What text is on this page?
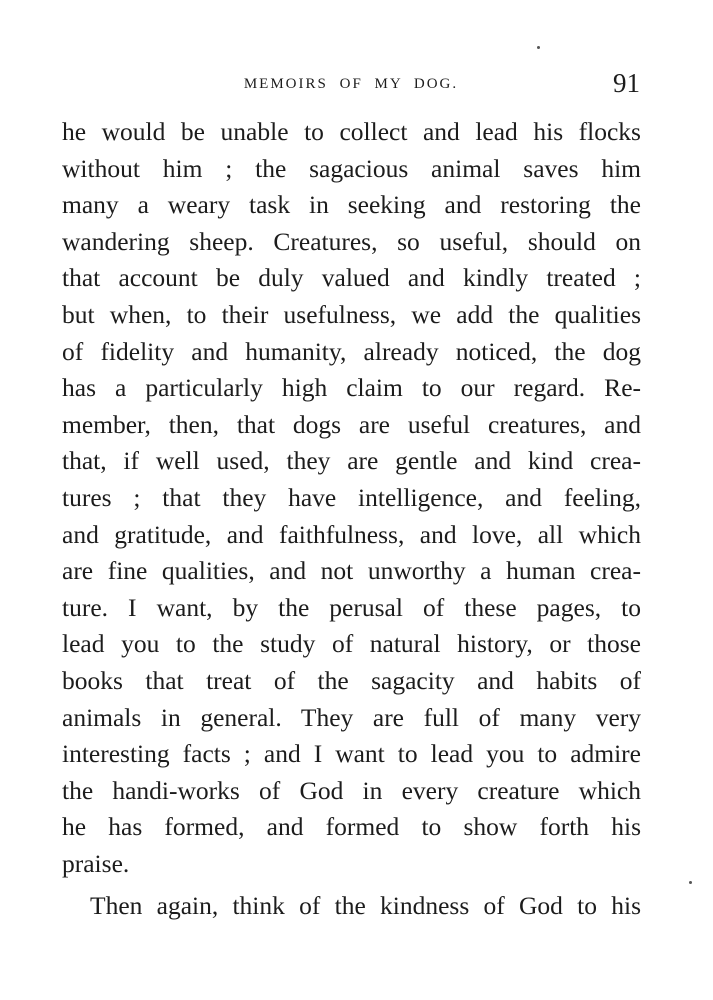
MEMOIRS OF MY DOG.	91
he would be unable to collect and lead his flocks
without him ; the sagacious animal saves him
many a weary task in seeking and restoring the
wandering sheep. Creatures, so useful, should on
that account be duly valued and kindly treated ;
but when, to their usefulness, we add the qualities
of fidelity and humanity, already noticed, the dog
has a particularly high claim to our regard. Re-
member, then, that dogs are useful creatures, and
that, if well used, they are gentle and kind crea-
tures ; that they have intelligence, and feeling,
and gratitude, and faithfulness, and love, all which
are fine qualities, and not unworthy a human crea-
ture. I want, by the perusal of these pages, to
lead you to the study of natural history, or those
books that treat of the sagacity and habits of
animals in general. They are full of many very
interesting facts ; and I want to lead you to admire
the handi-works of God in every creature which
he has formed, and formed to show forth his
praise.
Then again, think of the kindness of God to his
